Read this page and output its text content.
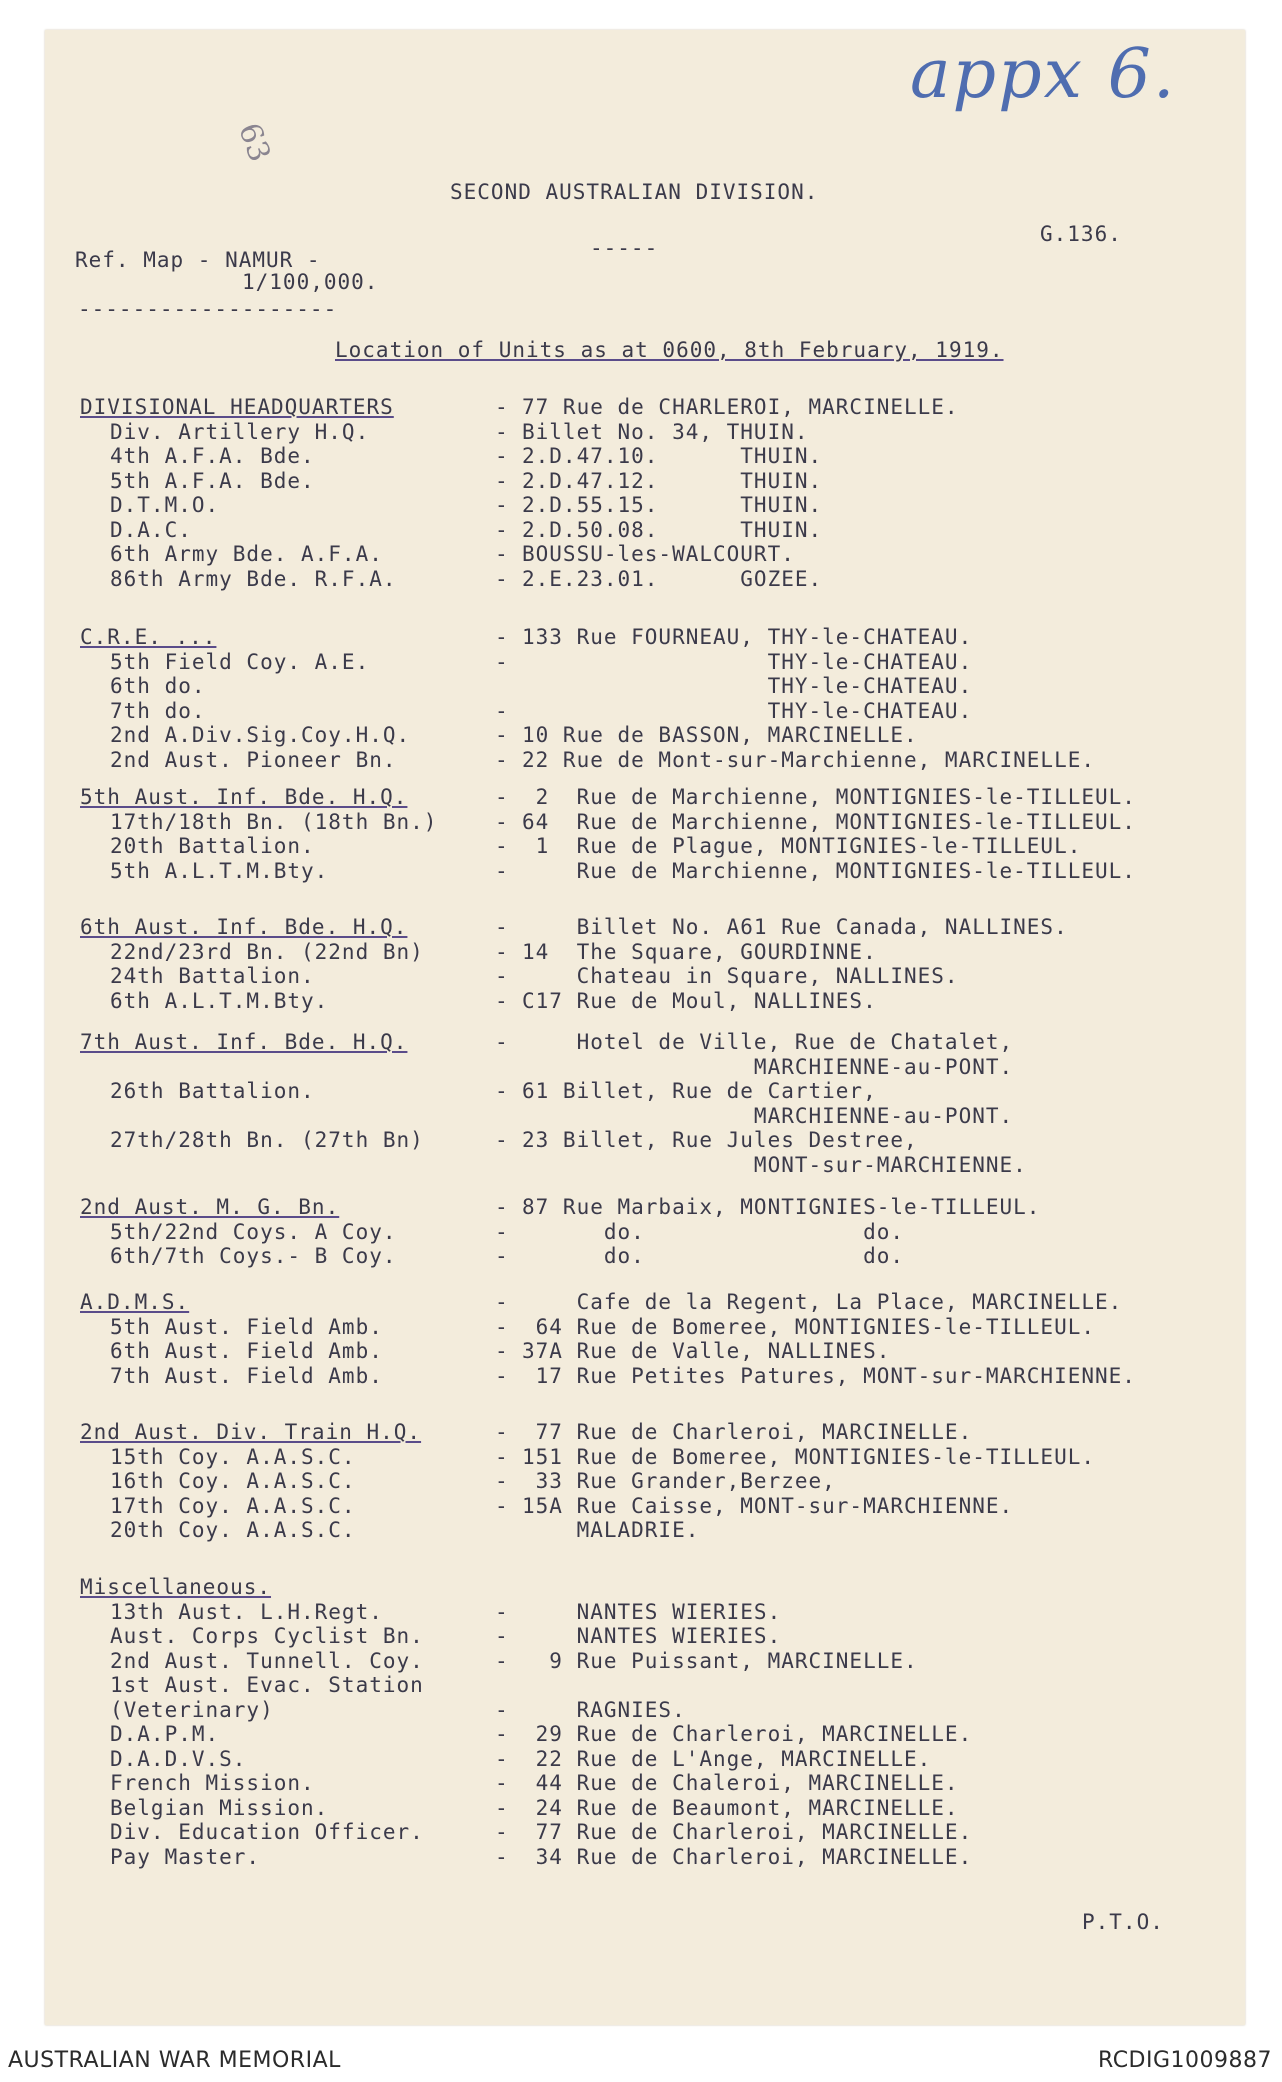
appx 6.
63
SECOND AUSTRALIAN DIVISION.
G.136.
Ref. Map - NAMUR -	-----
1/100,000.
-------------------
Location of Units as at 0600, 8th February, 1919.
DIVISIONAL HEADQUARTERS	- 77 Rue de CHARLEROI, MARCINELLE.
Div. Artillery H.Q.	- Billet No. 34, THUIN.
4th A.F.A. Bde.	- 2.D.47.10.      THUIN.
5th A.F.A. Bde.	- 2.D.47.12.      THUIN.
D.T.M.O.	- 2.D.55.15.      THUIN.
D.A.C.	- 2.D.50.08.      THUIN.
6th Army Bde. A.F.A.	- BOUSSU-les-WALCOURT.
86th Army Bde. R.F.A.	- 2.E.23.01.      GOZEE.
C.R.E. ...	- 133 Rue FOURNEAU, THY-le-CHATEAU.
5th Field Coy. A.E.	- THY-le-CHATEAU.
6th do.	THY-le-CHATEAU.
7th do.	- THY-le-CHATEAU.
2nd A.Div.Sig.Coy.H.Q.	- 10 Rue de BASSON, MARCINELLE.
2nd Aust. Pioneer Bn.	- 22 Rue de Mont-sur-Marchienne, MARCINELLE.
5th Aust. Inf. Bde. H.Q.	- 2  Rue de Marchienne, MONTIGNIES-le-TILLEUL.
17th/18th Bn. (18th Bn.)	- 64  Rue de Marchienne, MONTIGNIES-le-TILLEUL.
20th Battalion.	- 1  Rue de Plague, MONTIGNIES-le-TILLEUL.
5th A.L.T.M.Bty.	- Rue de Marchienne, MONTIGNIES-le-TILLEUL.
6th Aust. Inf. Bde. H.Q.	- Billet No. A61 Rue Canada, NALLINES.
22nd/23rd Bn. (22nd Bn)	- 14  The Square, GOURDINNE.
24th Battalion.	- Chateau in Square, NALLINES.
6th A.L.T.M.Bty.	- C17 Rue de Moul, NALLINES.
7th Aust. Inf. Bde. H.Q.	- Hotel de Ville, Rue de Chatalet,
MARCHIENNE-au-PONT.
26th Battalion.	- 61 Billet, Rue de Cartier,
MARCHIENNE-au-PONT.
27th/28th Bn. (27th Bn)	- 23 Billet, Rue Jules Destree,
MONT-sur-MARCHIENNE.
2nd Aust. M. G. Bn.	- 87 Rue Marbaix, MONTIGNIES-le-TILLEUL.
5th/22nd Coys. A Coy.	- do.                do.
6th/7th Coys.- B Coy.	- do.                do.
A.D.M.S.	- Cafe de la Regent, La Place, MARCINELLE.
5th Aust. Field Amb.	- 64 Rue de Bomeree, MONTIGNIES-le-TILLEUL.
6th Aust. Field Amb.	- 37A Rue de Valle, NALLINES.
7th Aust. Field Amb.	- 17 Rue Petites Patures, MONT-sur-MARCHIENNE.
2nd Aust. Div. Train H.Q.	- 77 Rue de Charleroi, MARCINELLE.
15th Coy. A.A.S.C.	- 151 Rue de Bomeree, MONTIGNIES-le-TILLEUL.
16th Coy. A.A.S.C.	- 33 Rue Grander,Berzee,
17th Coy. A.A.S.C.	- 15A Rue Caisse, MONT-sur-MARCHIENNE.
20th Coy. A.A.S.C.	MALADRIE.
Miscellaneous.
13th Aust. L.H.Regt.	- NANTES WIERIES.
Aust. Corps Cyclist Bn.	- NANTES WIERIES.
2nd Aust. Tunnell. Coy.	- 9 Rue Puissant, MARCINELLE.
1st Aust. Evac. Station
(Veterinary)	- RAGNIES.
D.A.P.M.	- 29 Rue de Charleroi, MARCINELLE.
D.A.D.V.S.	- 22 Rue de L'Ange, MARCINELLE.
French Mission.	- 44 Rue de Chaleroi, MARCINELLE.
Belgian Mission.	- 24 Rue de Beaumont, MARCINELLE.
Div. Education Officer.	- 77 Rue de Charleroi, MARCINELLE.
Pay Master.	- 34 Rue de Charleroi, MARCINELLE.
P.T.O.
AUSTRALIAN WAR MEMORIAL	RCDIG1009887
